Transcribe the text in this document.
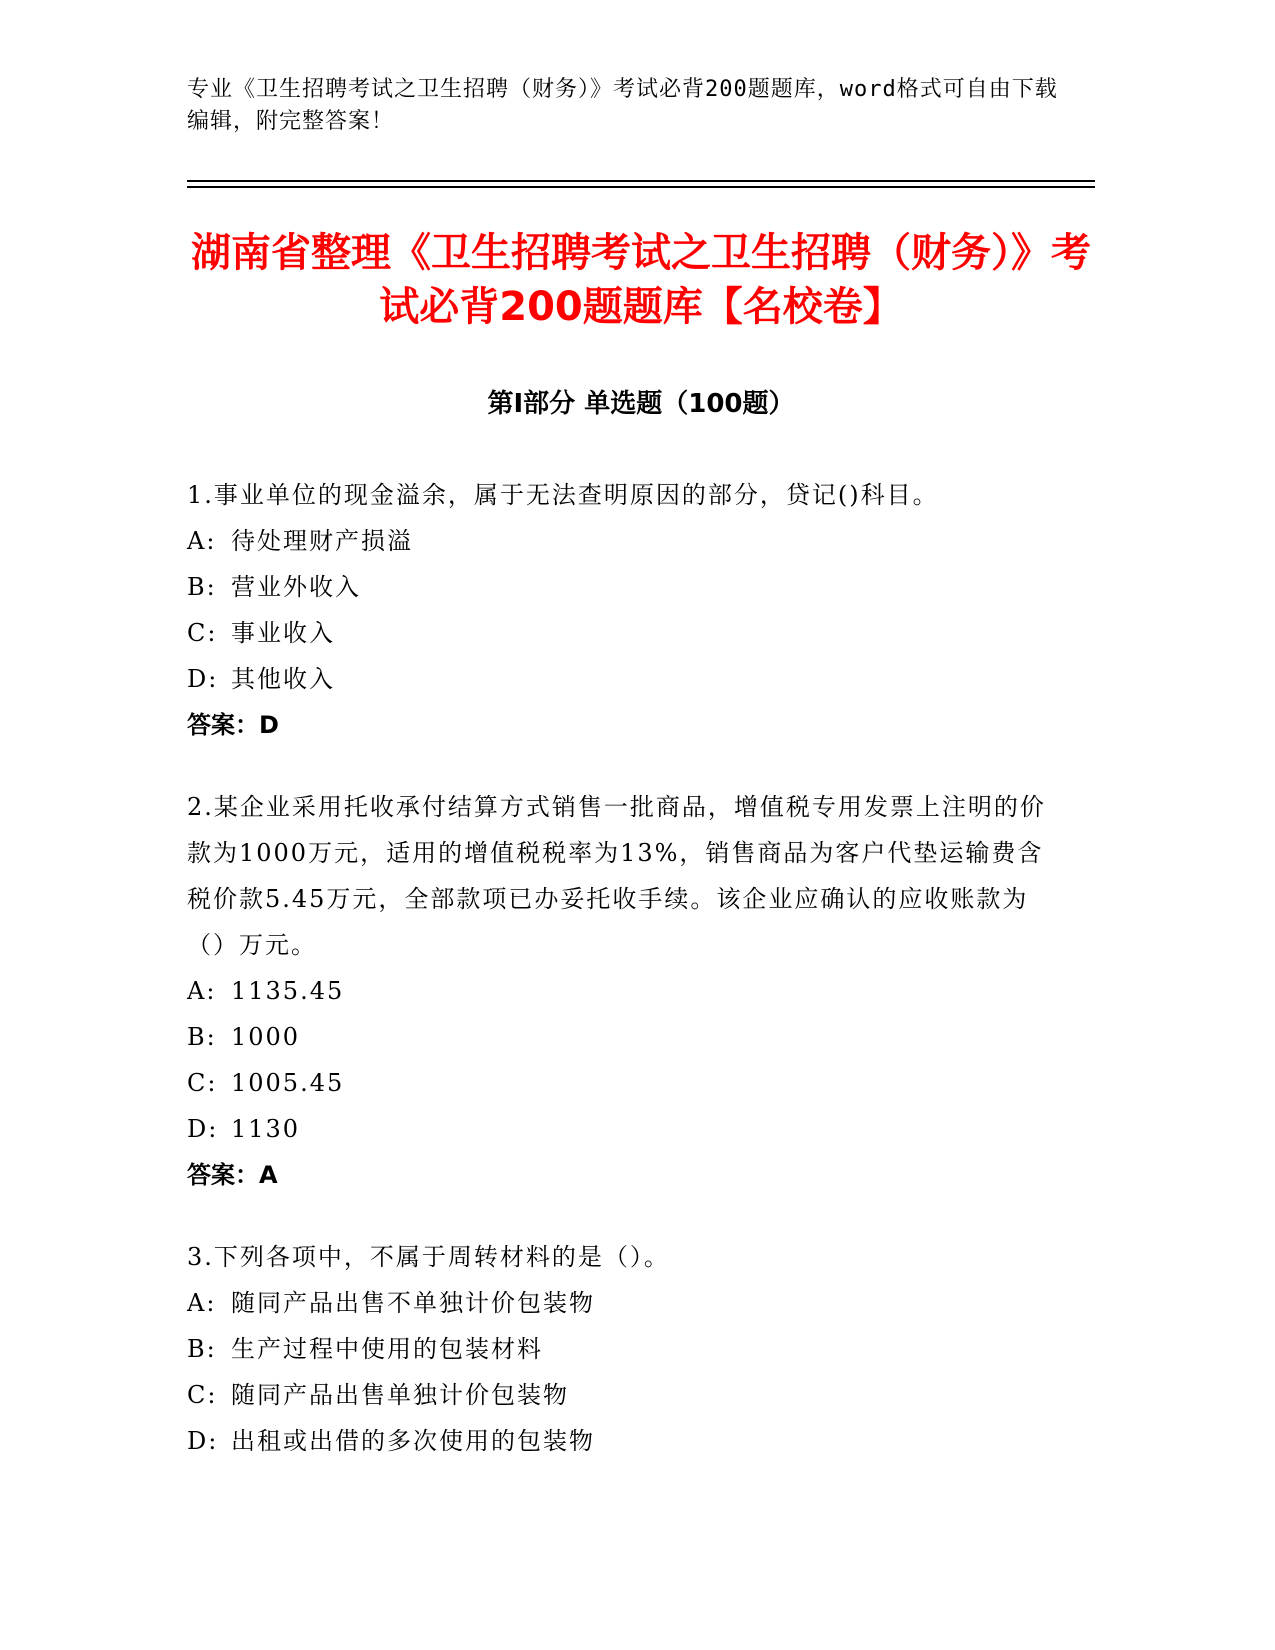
专业《卫生招聘考试之卫生招聘（财务）》考试必背200题题库，word格式可自由下载编辑，附完整答案！
湖南省整理《卫生招聘考试之卫生招聘（财务）》考试必背200题题库【名校卷】
第I部分 单选题（100题）

1.事业单位的现金溢余，属于无法查明原因的部分，贷记()科目。

A: 待处理财产损溢
B: 营业外收入
C: 事业收入
D: 其他收入
答案：D

2.某企业采用托收承付结算方式销售一批商品，增值税专用发票上注明的价款为1000万元，适用的增值税税率为13%，销售商品为客户代垫运输费含税价款5.45万元，全部款项已办妥托收手续。该企业应确认的应收账款为（）万元。

A: 1135.45
B: 1000
C: 1005.45
D: 1130
答案：A

3.下列各项中，不属于周转材料的是（）。

A: 随同产品出售不单独计价包装物
B: 生产过程中使用的包装材料
C: 随同产品出售单独计价包装物
D: 出租或出借的多次使用的包装物
